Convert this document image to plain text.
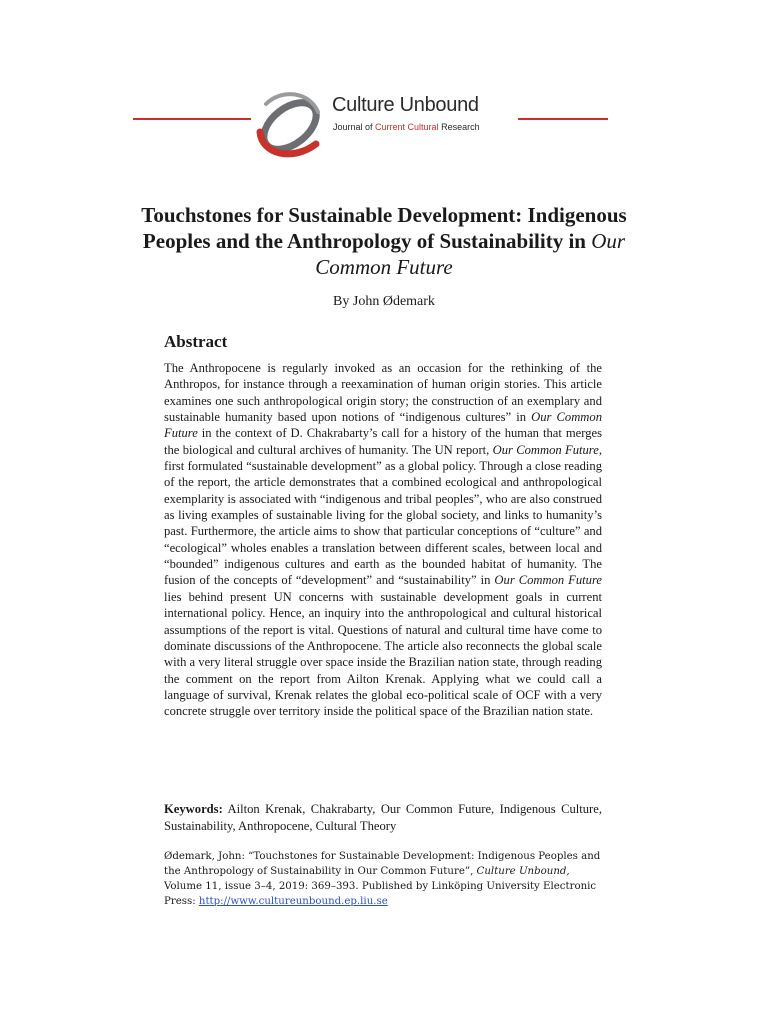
Culture Unbound
Journal of Current Cultural Research
Touchstones for Sustainable Development: Indigenous Peoples and the Anthropology of Sustainability in Our Common Future
By John Ødemark
Abstract

The Anthropocene is regularly invoked as an occasion for the rethinking of the Anthropos, for instance through a reexamination of human origin stories. This article examines one such anthropological origin story; the construction of an exemplary and sustainable humanity based upon notions of “indigenous cultures” in Our Common Future in the context of D. Chakrabarty’s call for a history of the human that merges the biological and cultural archives of humanity. The UN report, Our Common Future, first formulated “sustainable development” as a global policy. Through a close reading of the report, the article demonstrates that a combined ecological and anthropological exemplarity is associated with “indigenous and tribal peoples”, who are also construed as living examples of sustainable living for the global society, and links to humanity’s past. Furthermore, the article aims to show that particular conceptions of “culture” and “ecological” wholes enables a translation between different scales, between local and “bounded” indigenous cultures and earth as the bounded habitat of humanity. The fusion of the concepts of “development” and “sustainability” in Our Common Future lies behind present UN concerns with sustainable development goals in current international policy. Hence, an inquiry into the anthropological and cultural historical assumptions of the report is vital. Questions of natural and cultural time have come to dominate discussions of the Anthropocene. The article also reconnects the global scale with a very literal struggle over space inside the Brazilian nation state, through reading the comment on the report from Ailton Krenak. Applying what we could call a language of survival, Krenak relates the global eco-political scale of OCF with a very concrete struggle over territory inside the political space of the Brazilian nation state.

Keywords: Ailton Krenak, Chakrabarty, Our Common Future, Indigenous Culture, Sustainability, Anthropocene, Cultural Theory

Ødemark, John: “Touchstones for Sustainable Development: Indigenous Peoples and the Anthropology of Sustainability in Our Common Future”, Culture Unbound, Volume 11, issue 3–4, 2019: 369–393. Published by Linköping University Electronic Press: http://www.cultureunbound.ep.liu.se
